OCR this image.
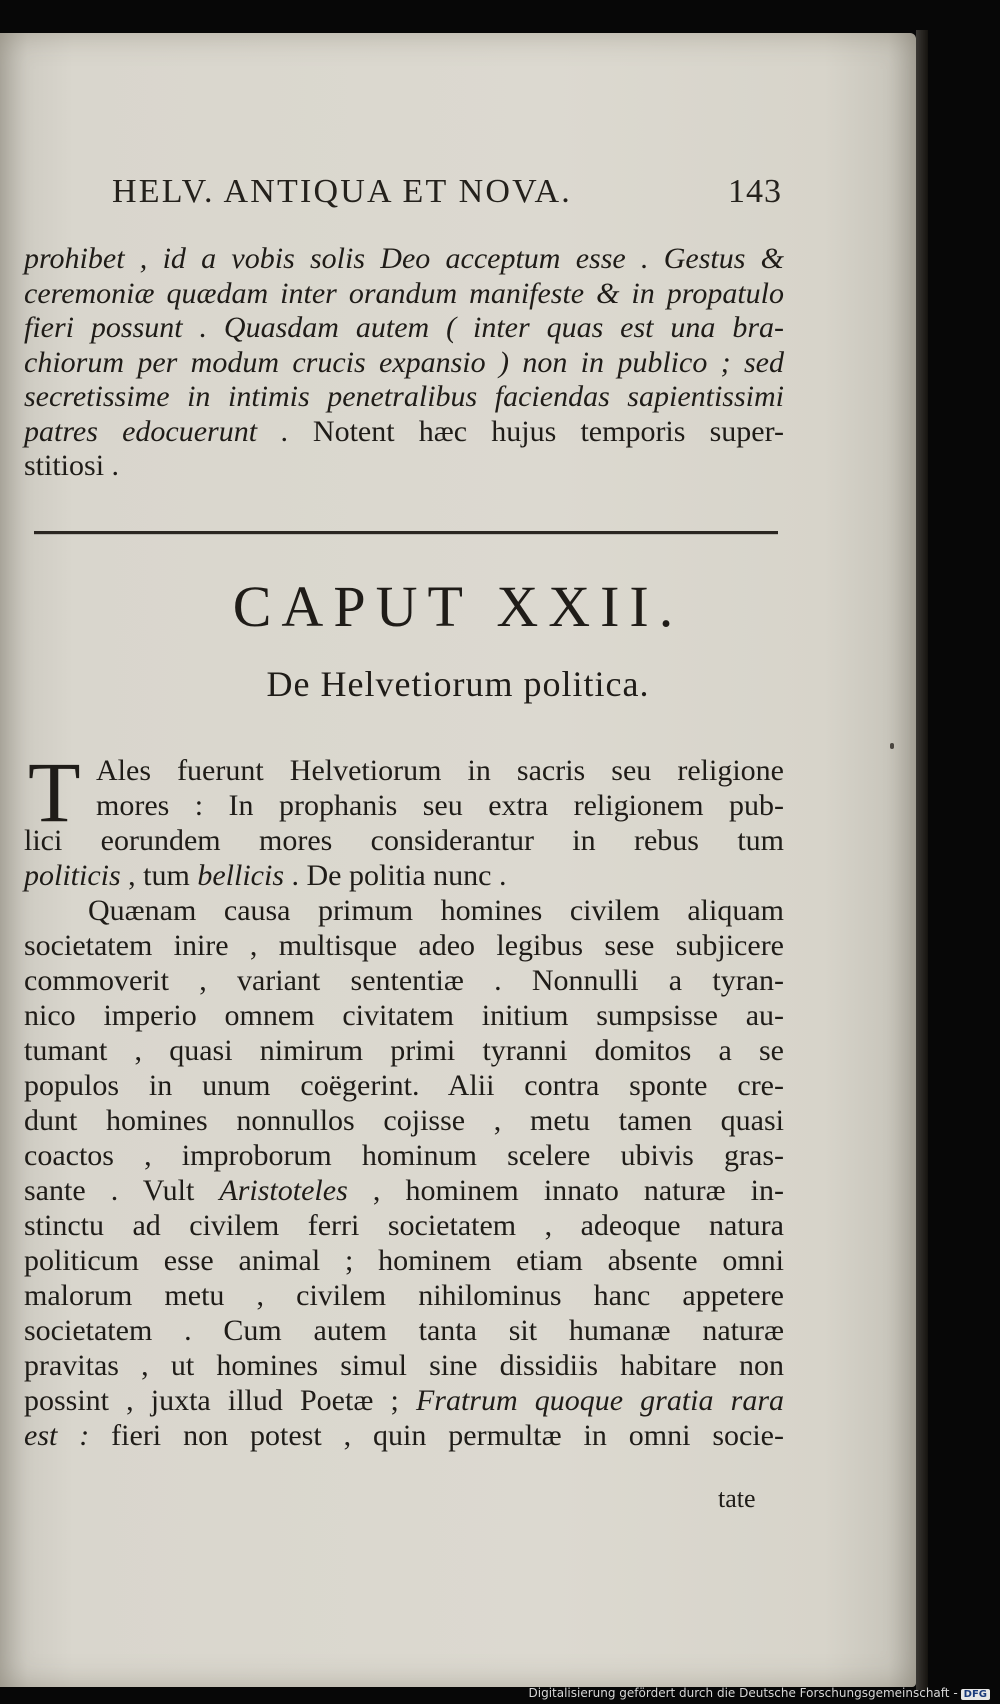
HELV. ANTIQUA ET NOVA.	143
prohibet , id a vobis solis Deo acceptum esse . Gestus &
ceremoniæ quædam inter orandum manifeste & in propatulo
fieri possunt . Quasdam autem ( inter quas est una bra-
chiorum per modum crucis expansio ) non in publico ; sed
secretissime in intimis penetralibus faciendas sapientissimi
patres edocuerunt . Notent hæc hujus temporis super-
stitiosi .
CAPUT XXII.
De Helvetiorum politica.
T Ales fuerunt Helvetiorum in sacris seu religione
mores : In prophanis seu extra religionem pub-
lici eorundem mores considerantur in rebus tum
politicis , tum bellicis . De politia nunc .
Quænam causa primum homines civilem aliquam
societatem inire , multisque adeo legibus sese subjicere
commoverit , variant sententiæ . Nonnulli a tyran-
nico imperio omnem civitatem initium sumpsisse au-
tumant , quasi nimirum primi tyranni domitos a se
populos in unum coëgerint. Alii contra sponte cre-
dunt homines nonnullos cojisse , metu tamen quasi
coactos , improborum hominum scelere ubivis gras-
sante . Vult Aristoteles , hominem innato naturæ in-
stinctu ad civilem ferri societatem , adeoque natura
politicum esse animal ; hominem etiam absente omni
malorum metu , civilem nihilominus hanc appetere
societatem . Cum autem tanta sit humanæ naturæ
pravitas , ut homines simul sine dissidiis habitare non
possint , juxta illud Poetæ ; Fratrum quoque gratia rara
est : fieri non potest , quin permultæ in omni socie-
tate
Digitalisierung gefördert durch die Deutsche Forschungsgemeinschaft - DFG
